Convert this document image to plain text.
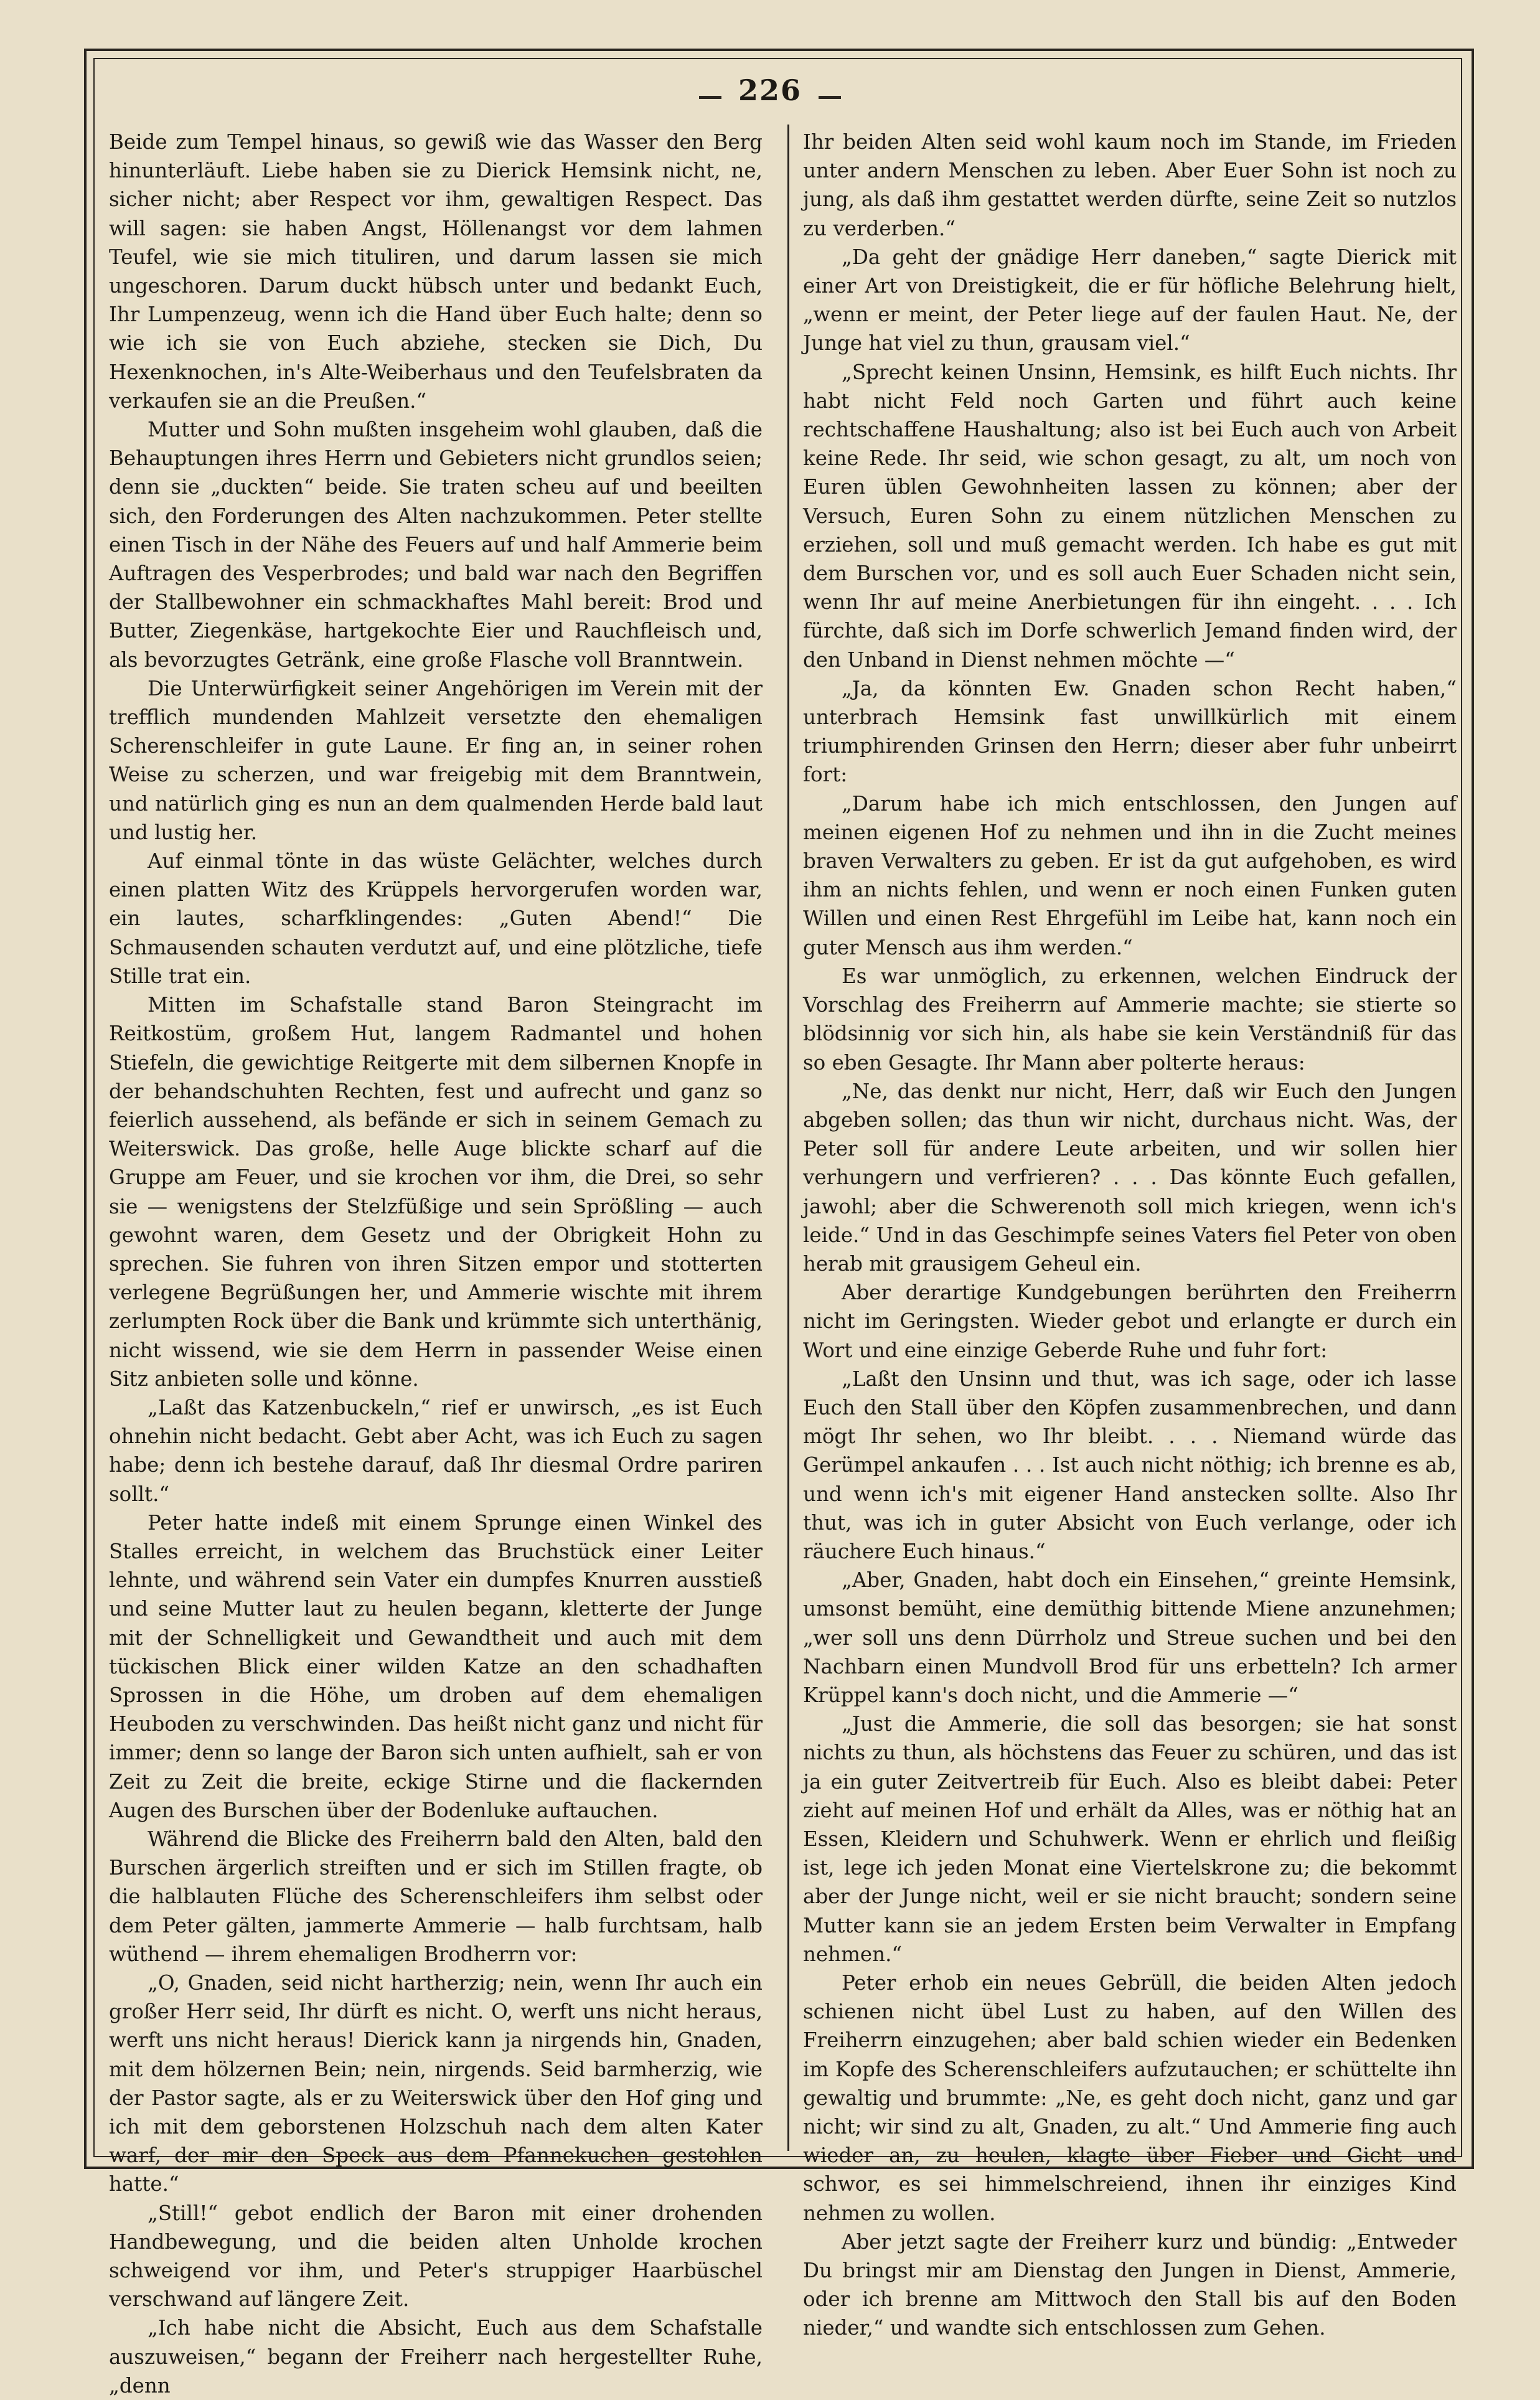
226

Beide zum Tempel hinaus, so gewiß wie das Wasser den Berg hinunterläuft. Liebe haben sie zu Dierick Hemsink nicht, ne, sicher nicht; aber Respect vor ihm, gewaltigen Respect. Das will sagen: sie haben Angst, Höllenangst vor dem lahmen Teufel, wie sie mich tituliren, und darum lassen sie mich ungeschoren. Darum duckt hübsch unter und bedankt Euch, Ihr Lumpenzeug, wenn ich die Hand über Euch halte; denn so wie ich sie von Euch abziehe, stecken sie Dich, Du Hexenknochen, in's Alte-Weiberhaus und den Teufelsbraten da verkaufen sie an die Preußen.“

Mutter und Sohn mußten insgeheim wohl glauben, daß die Behauptungen ihres Herrn und Gebieters nicht grundlos seien; denn sie „duckten“ beide. Sie traten scheu auf und beeilten sich, den Forderungen des Alten nachzukommen. Peter stellte einen Tisch in der Nähe des Feuers auf und half Ammerie beim Auftragen des Vesperbrodes; und bald war nach den Begriffen der Stallbewohner ein schmackhaftes Mahl bereit: Brod und Butter, Ziegenkäse, hartgekochte Eier und Rauchfleisch und, als bevorzugtes Getränk, eine große Flasche voll Branntwein.

Die Unterwürfigkeit seiner Angehörigen im Verein mit der trefflich mundenden Mahlzeit versetzte den ehemaligen Scherenschleifer in gute Laune. Er fing an, in seiner rohen Weise zu scherzen, und war freigebig mit dem Branntwein, und natürlich ging es nun an dem qualmenden Herde bald laut und lustig her.

Auf einmal tönte in das wüste Gelächter, welches durch einen platten Witz des Krüppels hervorgerufen worden war, ein lautes, scharfklingendes: „Guten Abend!“ Die Schmausenden schauten verdutzt auf, und eine plötzliche, tiefe Stille trat ein.

Mitten im Schafstalle stand Baron Steingracht im Reitkostüm, großem Hut, langem Radmantel und hohen Stiefeln, die gewichtige Reitgerte mit dem silbernen Knopfe in der behandschuhten Rechten, fest und aufrecht und ganz so feierlich aussehend, als befände er sich in seinem Gemach zu Weiterswick. Das große, helle Auge blickte scharf auf die Gruppe am Feuer, und sie krochen vor ihm, die Drei, so sehr sie — wenigstens der Stelzfüßige und sein Sprößling — auch gewohnt waren, dem Gesetz und der Obrigkeit Hohn zu sprechen. Sie fuhren von ihren Sitzen empor und stotterten verlegene Begrüßungen her, und Ammerie wischte mit ihrem zerlumpten Rock über die Bank und krümmte sich unterthänig, nicht wissend, wie sie dem Herrn in passender Weise einen Sitz anbieten solle und könne.

„Laßt das Katzenbuckeln,“ rief er unwirsch, „es ist Euch ohnehin nicht bedacht. Gebt aber Acht, was ich Euch zu sagen habe; denn ich bestehe darauf, daß Ihr diesmal Ordre pariren sollt.“

Peter hatte indeß mit einem Sprunge einen Winkel des Stalles erreicht, in welchem das Bruchstück einer Leiter lehnte, und während sein Vater ein dumpfes Knurren ausstieß und seine Mutter laut zu heulen begann, kletterte der Junge mit der Schnelligkeit und Gewandtheit und auch mit dem tückischen Blick einer wilden Katze an den schadhaften Sprossen in die Höhe, um droben auf dem ehemaligen Heuboden zu verschwinden. Das heißt nicht ganz und nicht für immer; denn so lange der Baron sich unten aufhielt, sah er von Zeit zu Zeit die breite, eckige Stirne und die flackernden Augen des Burschen über der Bodenluke auftauchen.

Während die Blicke des Freiherrn bald den Alten, bald den Burschen ärgerlich streiften und er sich im Stillen fragte, ob die halblauten Flüche des Scherenschleifers ihm selbst oder dem Peter gälten, jammerte Ammerie — halb furchtsam, halb wüthend — ihrem ehemaligen Brodherrn vor:

„O, Gnaden, seid nicht hartherzig; nein, wenn Ihr auch ein großer Herr seid, Ihr dürft es nicht. O, werft uns nicht heraus, werft uns nicht heraus! Dierick kann ja nirgends hin, Gnaden, mit dem hölzernen Bein; nein, nirgends. Seid barmherzig, wie der Pastor sagte, als er zu Weiterswick über den Hof ging und ich mit dem geborstenen Holzschuh nach dem alten Kater warf, der mir den Speck aus dem Pfannekuchen gestohlen hatte.“

„Still!“ gebot endlich der Baron mit einer drohenden Handbewegung, und die beiden alten Unholde krochen schweigend vor ihm, und Peter's struppiger Haarbüschel verschwand auf längere Zeit.

„Ich habe nicht die Absicht, Euch aus dem Schafstalle auszuweisen,“ begann der Freiherr nach hergestellter Ruhe, „denn

Ihr beiden Alten seid wohl kaum noch im Stande, im Frieden unter andern Menschen zu leben. Aber Euer Sohn ist noch zu jung, als daß ihm gestattet werden dürfte, seine Zeit so nutzlos zu verderben.“

„Da geht der gnädige Herr daneben,“ sagte Dierick mit einer Art von Dreistigkeit, die er für höfliche Belehrung hielt, „wenn er meint, der Peter liege auf der faulen Haut. Ne, der Junge hat viel zu thun, grausam viel.“

„Sprecht keinen Unsinn, Hemsink, es hilft Euch nichts. Ihr habt nicht Feld noch Garten und führt auch keine rechtschaffene Haushaltung; also ist bei Euch auch von Arbeit keine Rede. Ihr seid, wie schon gesagt, zu alt, um noch von Euren üblen Gewohnheiten lassen zu können; aber der Versuch, Euren Sohn zu einem nützlichen Menschen zu erziehen, soll und muß gemacht werden. Ich habe es gut mit dem Burschen vor, und es soll auch Euer Schaden nicht sein, wenn Ihr auf meine Anerbietungen für ihn eingeht. . . . Ich fürchte, daß sich im Dorfe schwerlich Jemand finden wird, der den Unband in Dienst nehmen möchte —“

„Ja, da könnten Ew. Gnaden schon Recht haben,“ unterbrach Hemsink fast unwillkürlich mit einem triumphirenden Grinsen den Herrn; dieser aber fuhr unbeirrt fort:

„Darum habe ich mich entschlossen, den Jungen auf meinen eigenen Hof zu nehmen und ihn in die Zucht meines braven Verwalters zu geben. Er ist da gut aufgehoben, es wird ihm an nichts fehlen, und wenn er noch einen Funken guten Willen und einen Rest Ehrgefühl im Leibe hat, kann noch ein guter Mensch aus ihm werden.“

Es war unmöglich, zu erkennen, welchen Eindruck der Vorschlag des Freiherrn auf Ammerie machte; sie stierte so blödsinnig vor sich hin, als habe sie kein Verständniß für das so eben Gesagte. Ihr Mann aber polterte heraus:

„Ne, das denkt nur nicht, Herr, daß wir Euch den Jungen abgeben sollen; das thun wir nicht, durchaus nicht. Was, der Peter soll für andere Leute arbeiten, und wir sollen hier verhungern und verfrieren? . . . Das könnte Euch gefallen, jawohl; aber die Schwerenoth soll mich kriegen, wenn ich's leide.“ Und in das Geschimpfe seines Vaters fiel Peter von oben herab mit grausigem Geheul ein.

Aber derartige Kundgebungen berührten den Freiherrn nicht im Geringsten. Wieder gebot und erlangte er durch ein Wort und eine einzige Geberde Ruhe und fuhr fort:

„Laßt den Unsinn und thut, was ich sage, oder ich lasse Euch den Stall über den Köpfen zusammenbrechen, und dann mögt Ihr sehen, wo Ihr bleibt. . . . Niemand würde das Gerümpel ankaufen . . . Ist auch nicht nöthig; ich brenne es ab, und wenn ich's mit eigener Hand anstecken sollte. Also Ihr thut, was ich in guter Absicht von Euch verlange, oder ich räuchere Euch hinaus.“

„Aber, Gnaden, habt doch ein Einsehen,“ greinte Hemsink, umsonst bemüht, eine demüthig bittende Miene anzunehmen; „wer soll uns denn Dürrholz und Streue suchen und bei den Nachbarn einen Mundvoll Brod für uns erbetteln? Ich armer Krüppel kann's doch nicht, und die Ammerie —“

„Just die Ammerie, die soll das besorgen; sie hat sonst nichts zu thun, als höchstens das Feuer zu schüren, und das ist ja ein guter Zeitvertreib für Euch. Also es bleibt dabei: Peter zieht auf meinen Hof und erhält da Alles, was er nöthig hat an Essen, Kleidern und Schuhwerk. Wenn er ehrlich und fleißig ist, lege ich jeden Monat eine Viertelskrone zu; die bekommt aber der Junge nicht, weil er sie nicht braucht; sondern seine Mutter kann sie an jedem Ersten beim Verwalter in Empfang nehmen.“

Peter erhob ein neues Gebrüll, die beiden Alten jedoch schienen nicht übel Lust zu haben, auf den Willen des Freiherrn einzugehen; aber bald schien wieder ein Bedenken im Kopfe des Scherenschleifers aufzutauchen; er schüttelte ihn gewaltig und brummte: „Ne, es geht doch nicht, ganz und gar nicht; wir sind zu alt, Gnaden, zu alt.“ Und Ammerie fing auch wieder an, zu heulen, klagte über Fieber und Gicht und schwor, es sei himmelschreiend, ihnen ihr einziges Kind nehmen zu wollen.

Aber jetzt sagte der Freiherr kurz und bündig: „Entweder Du bringst mir am Dienstag den Jungen in Dienst, Ammerie, oder ich brenne am Mittwoch den Stall bis auf den Boden nieder,“ und wandte sich entschlossen zum Gehen.
